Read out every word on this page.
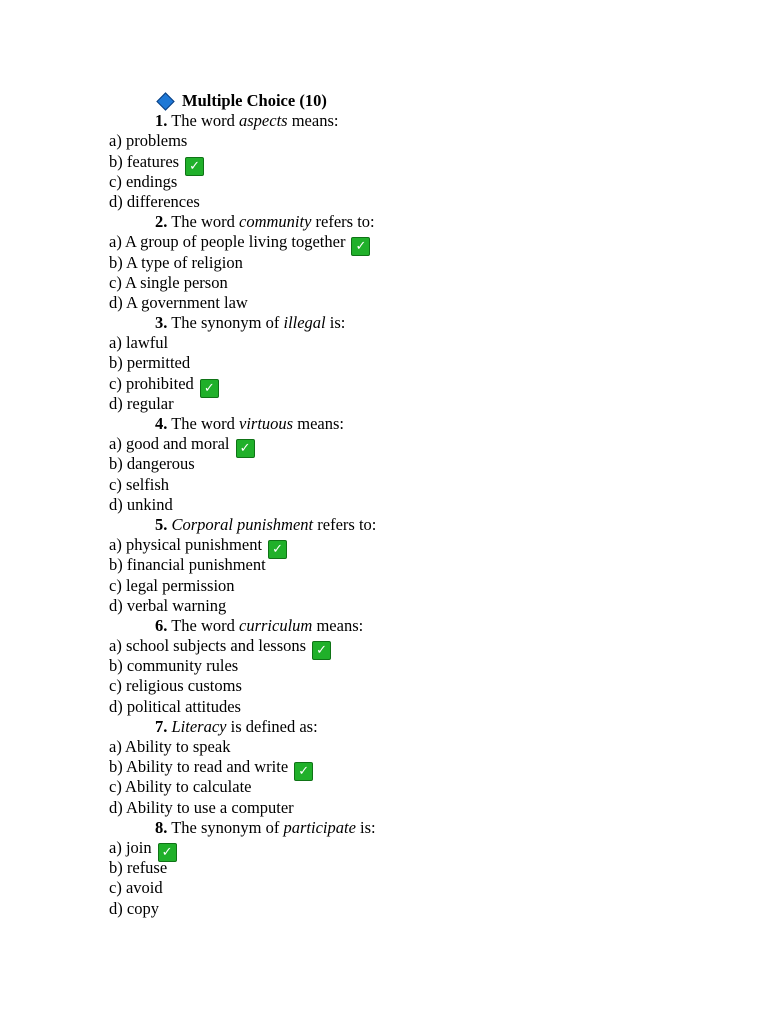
Multiple Choice (10)
1. The word aspects means:
a) problems
b) features ✓
c) endings
d) differences
2. The word community refers to:
a) A group of people living together ✓
b) A type of religion
c) A single person
d) A government law
3. The synonym of illegal is:
a) lawful
b) permitted
c) prohibited ✓
d) regular
4. The word virtuous means:
a) good and moral ✓
b) dangerous
c) selfish
d) unkind
5. Corporal punishment refers to:
a) physical punishment ✓
b) financial punishment
c) legal permission
d) verbal warning
6. The word curriculum means:
a) school subjects and lessons ✓
b) community rules
c) religious customs
d) political attitudes
7. Literacy is defined as:
a) Ability to speak
b) Ability to read and write ✓
c) Ability to calculate
d) Ability to use a computer
8. The synonym of participate is:
a) join ✓
b) refuse
c) avoid
d) copy
